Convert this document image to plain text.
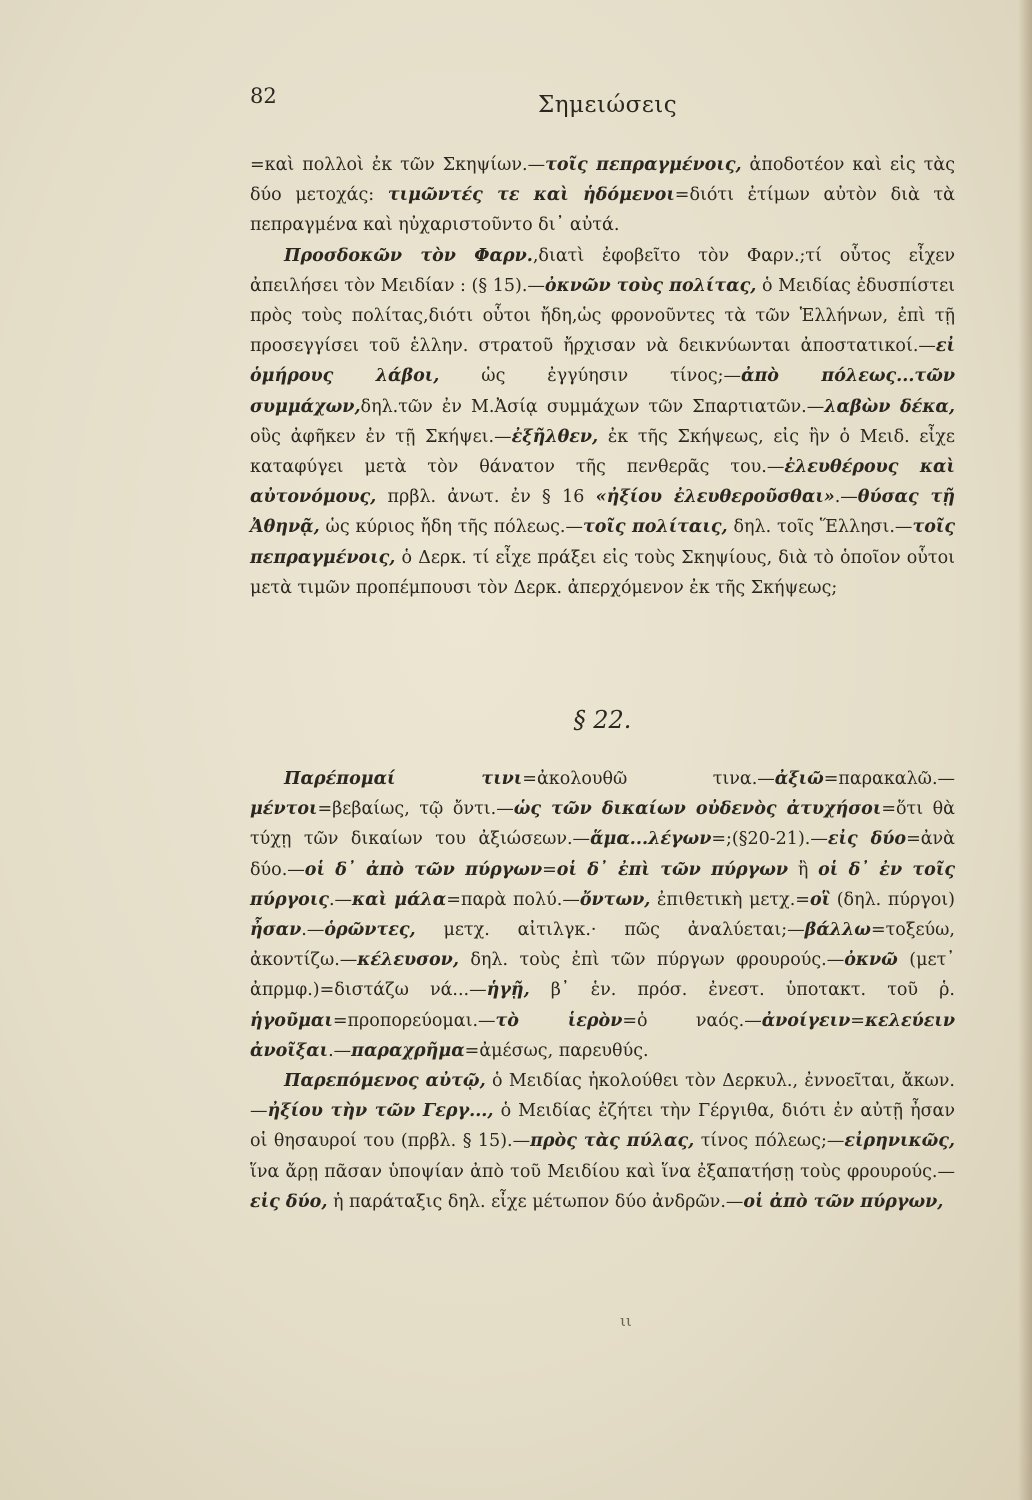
82	Σημειώσεις

=καὶ πολλοὶ ἐκ τῶν Σκηψίων.—τοῖς πεπραγμένοις, ἀποδοτέον καὶ εἰς τὰς δύο μετοχάς: τιμῶντές τε καὶ ἡδόμενοι=διότι ἐτίμων αὐτὸν διὰ τὰ πεπραγμένα καὶ ηὐχαριστοῦντο δι᾿ αὐτά.

Προσδοκῶν τὸν Φαρν.,διατὶ ἐφοβεῖτο τὸν Φαρν.;τί οὗτος εἶχεν ἀπειλήσει τὸν Μειδίαν : (§ 15).—ὀκνῶν τοὺς πολίτας, ὁ Μειδίας ἐδυσπίστει πρὸς τοὺς πολίτας,διότι οὗτοι ἤδη,ὡς φρονοῦντες τὰ τῶν Ἑλλήνων, ἐπὶ τῇ προσεγγίσει τοῦ ἑλλην. στρατοῦ ἤρχισαν νὰ δεικνύωνται ἀποστατικοί.—εἰ ὁμήρους λάβοι, ὡς ἐγγύησιν τίνος;—ἀπὸ πόλεως...τῶν συμμάχων,δηλ.τῶν ἐν Μ.Ἀσίᾳ συμμάχων τῶν Σπαρτιατῶν.—λαβὼν δέκα, οὓς ἀφῆκεν ἐν τῇ Σκήψει.—ἐξῆλθεν, ἐκ τῆς Σκήψεως, εἰς ἣν ὁ Μειδ. εἶχε καταφύγει μετὰ τὸν θάνατον τῆς πενθερᾶς του.—ἐλευθέρους καὶ αὐτονόμους, πρβλ. ἀνωτ. ἐν § 16 «ἠξίου ἐλευθεροῦσθαι».—θύσας τῇ Ἀθηνᾷ, ὡς κύριος ἤδη τῆς πόλεως.—τοῖς πολίταις, δηλ. τοῖς Ἕλλησι.—τοῖς πεπραγμένοις, ὁ Δερκ. τί εἶχε πράξει εἰς τοὺς Σκηψίους, διὰ τὸ ὁποῖον οὗτοι μετὰ τιμῶν προπέμπουσι τὸν Δερκ. ἀπερχόμενον ἐκ τῆς Σκήψεως;

§ 22.

Παρέπομαί τινι=ἀκολουθῶ τινα.—ἀξιῶ=παρακαλῶ.—μέντοι=βεβαίως, τῷ ὄντι.—ὡς τῶν δικαίων οὐδενὸς ἀτυχήσοι=ὅτι θὰ τύχῃ τῶν δικαίων του ἀξιώσεων.—ἅμα...λέγων=;(§20-21).—εἰς δύο=ἀνὰ δύο.—οἱ δ᾿ ἀπὸ τῶν πύργων=οἱ δ᾿ ἐπὶ τῶν πύργων ἢ οἱ δ᾿ ἐν τοῖς πύργοις.—καὶ μάλα=παρὰ πολύ.—ὄντων, ἐπιθετικὴ μετχ.=οἳ (δηλ. πύργοι) ἦσαν.—ὁρῶντες, μετχ. αἰτιλγκ.· πῶς ἀναλύεται;—βάλλω=τοξεύω, ἀκοντίζω.—κέλευσον, δηλ. τοὺς ἐπὶ τῶν πύργων φρουρούς.—ὀκνῶ (μετ᾿ ἀπρμφ.)=διστάζω νά...—ἡγῇ, β᾿ ἑν. πρόσ. ἐνεστ. ὑποτακτ. τοῦ ῥ. ἡγοῦμαι=προπορεύομαι.—τὸ ἱερὸν=ὁ ναός.—ἀνοίγειν=κελεύειν ἀνοῖξαι.—παραχρῆμα=ἀμέσως, παρευθύς.

Παρεπόμενος αὐτῷ, ὁ Μειδίας ἠκολούθει τὸν Δερκυλ., ἐννοεῖται, ἄκων.—ἠξίου τὴν τῶν Γεργ..., ὁ Μειδίας ἐζήτει τὴν Γέργιθα, διότι ἐν αὐτῇ ἦσαν οἱ θησαυροί του (πρβλ. § 15).—πρὸς τὰς πύλας, τίνος πόλεως;—εἰρηνικῶς, ἵνα ἄρῃ πᾶσαν ὑποψίαν ἀπὸ τοῦ Μειδίου καὶ ἵνα ἐξαπατήσῃ τοὺς φρουρούς.—εἰς δύο, ἡ παράταξις δηλ. εἶχε μέτωπον δύο ἀνδρῶν.—οἱ ἀπὸ τῶν πύργων,

ιι
